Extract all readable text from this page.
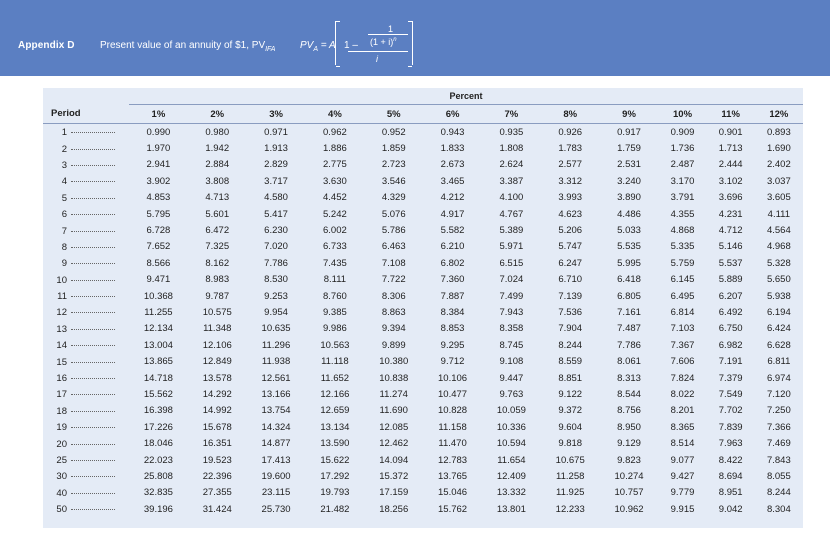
Appendix D	Present value of an annuity of $1, $PV_{IFA}$ $PV_A = A$ 1 –
1
$(1 + i)^n$
i
	Percent											
Period	1%	2%	3%	4%	5%	6%	7%	8%	9%	10%	11%	12%
1	0.990	0.980	0.971	0.962	0.952	0.943	0.935	0.926	0.917	0.909	0.901	0.893
2	1.970	1.942	1.913	1.886	1.859	1.833	1.808	1.783	1.759	1.736	1.713	1.690
3	2.941	2.884	2.829	2.775	2.723	2.673	2.624	2.577	2.531	2.487	2.444	2.402
4	3.902	3.808	3.717	3.630	3.546	3.465	3.387	3.312	3.240	3.170	3.102	3.037
5	4.853	4.713	4.580	4.452	4.329	4.212	4.100	3.993	3.890	3.791	3.696	3.605
6	5.795	5.601	5.417	5.242	5.076	4.917	4.767	4.623	4.486	4.355	4.231	4.111
7	6.728	6.472	6.230	6.002	5.786	5.582	5.389	5.206	5.033	4.868	4.712	4.564
8	7.652	7.325	7.020	6.733	6.463	6.210	5.971	5.747	5.535	5.335	5.146	4.968
9	8.566	8.162	7.786	7.435	7.108	6.802	6.515	6.247	5.995	5.759	5.537	5.328
10	9.471	8.983	8.530	8.111	7.722	7.360	7.024	6.710	6.418	6.145	5.889	5.650
11	10.368	9.787	9.253	8.760	8.306	7.887	7.499	7.139	6.805	6.495	6.207	5.938
12	11.255	10.575	9.954	9.385	8.863	8.384	7.943	7.536	7.161	6.814	6.492	6.194
13	12.134	11.348	10.635	9.986	9.394	8.853	8.358	7.904	7.487	7.103	6.750	6.424
14	13.004	12.106	11.296	10.563	9.899	9.295	8.745	8.244	7.786	7.367	6.982	6.628
15	13.865	12.849	11.938	11.118	10.380	9.712	9.108	8.559	8.061	7.606	7.191	6.811
16	14.718	13.578	12.561	11.652	10.838	10.106	9.447	8.851	8.313	7.824	7.379	6.974
17	15.562	14.292	13.166	12.166	11.274	10.477	9.763	9.122	8.544	8.022	7.549	7.120
18	16.398	14.992	13.754	12.659	11.690	10.828	10.059	9.372	8.756	8.201	7.702	7.250
19	17.226	15.678	14.324	13.134	12.085	11.158	10.336	9.604	8.950	8.365	7.839	7.366
20	18.046	16.351	14.877	13.590	12.462	11.470	10.594	9.818	9.129	8.514	7.963	7.469
25	22.023	19.523	17.413	15.622	14.094	12.783	11.654	10.675	9.823	9.077	8.422	7.843
30	25.808	22.396	19.600	17.292	15.372	13.765	12.409	11.258	10.274	9.427	8.694	8.055
40	32.835	27.355	23.115	19.793	17.159	15.046	13.332	11.925	10.757	9.779	8.951	8.244
50	39.196	31.424	25.730	21.482	18.256	15.762	13.801	12.233	10.962	9.915	9.042	8.304
